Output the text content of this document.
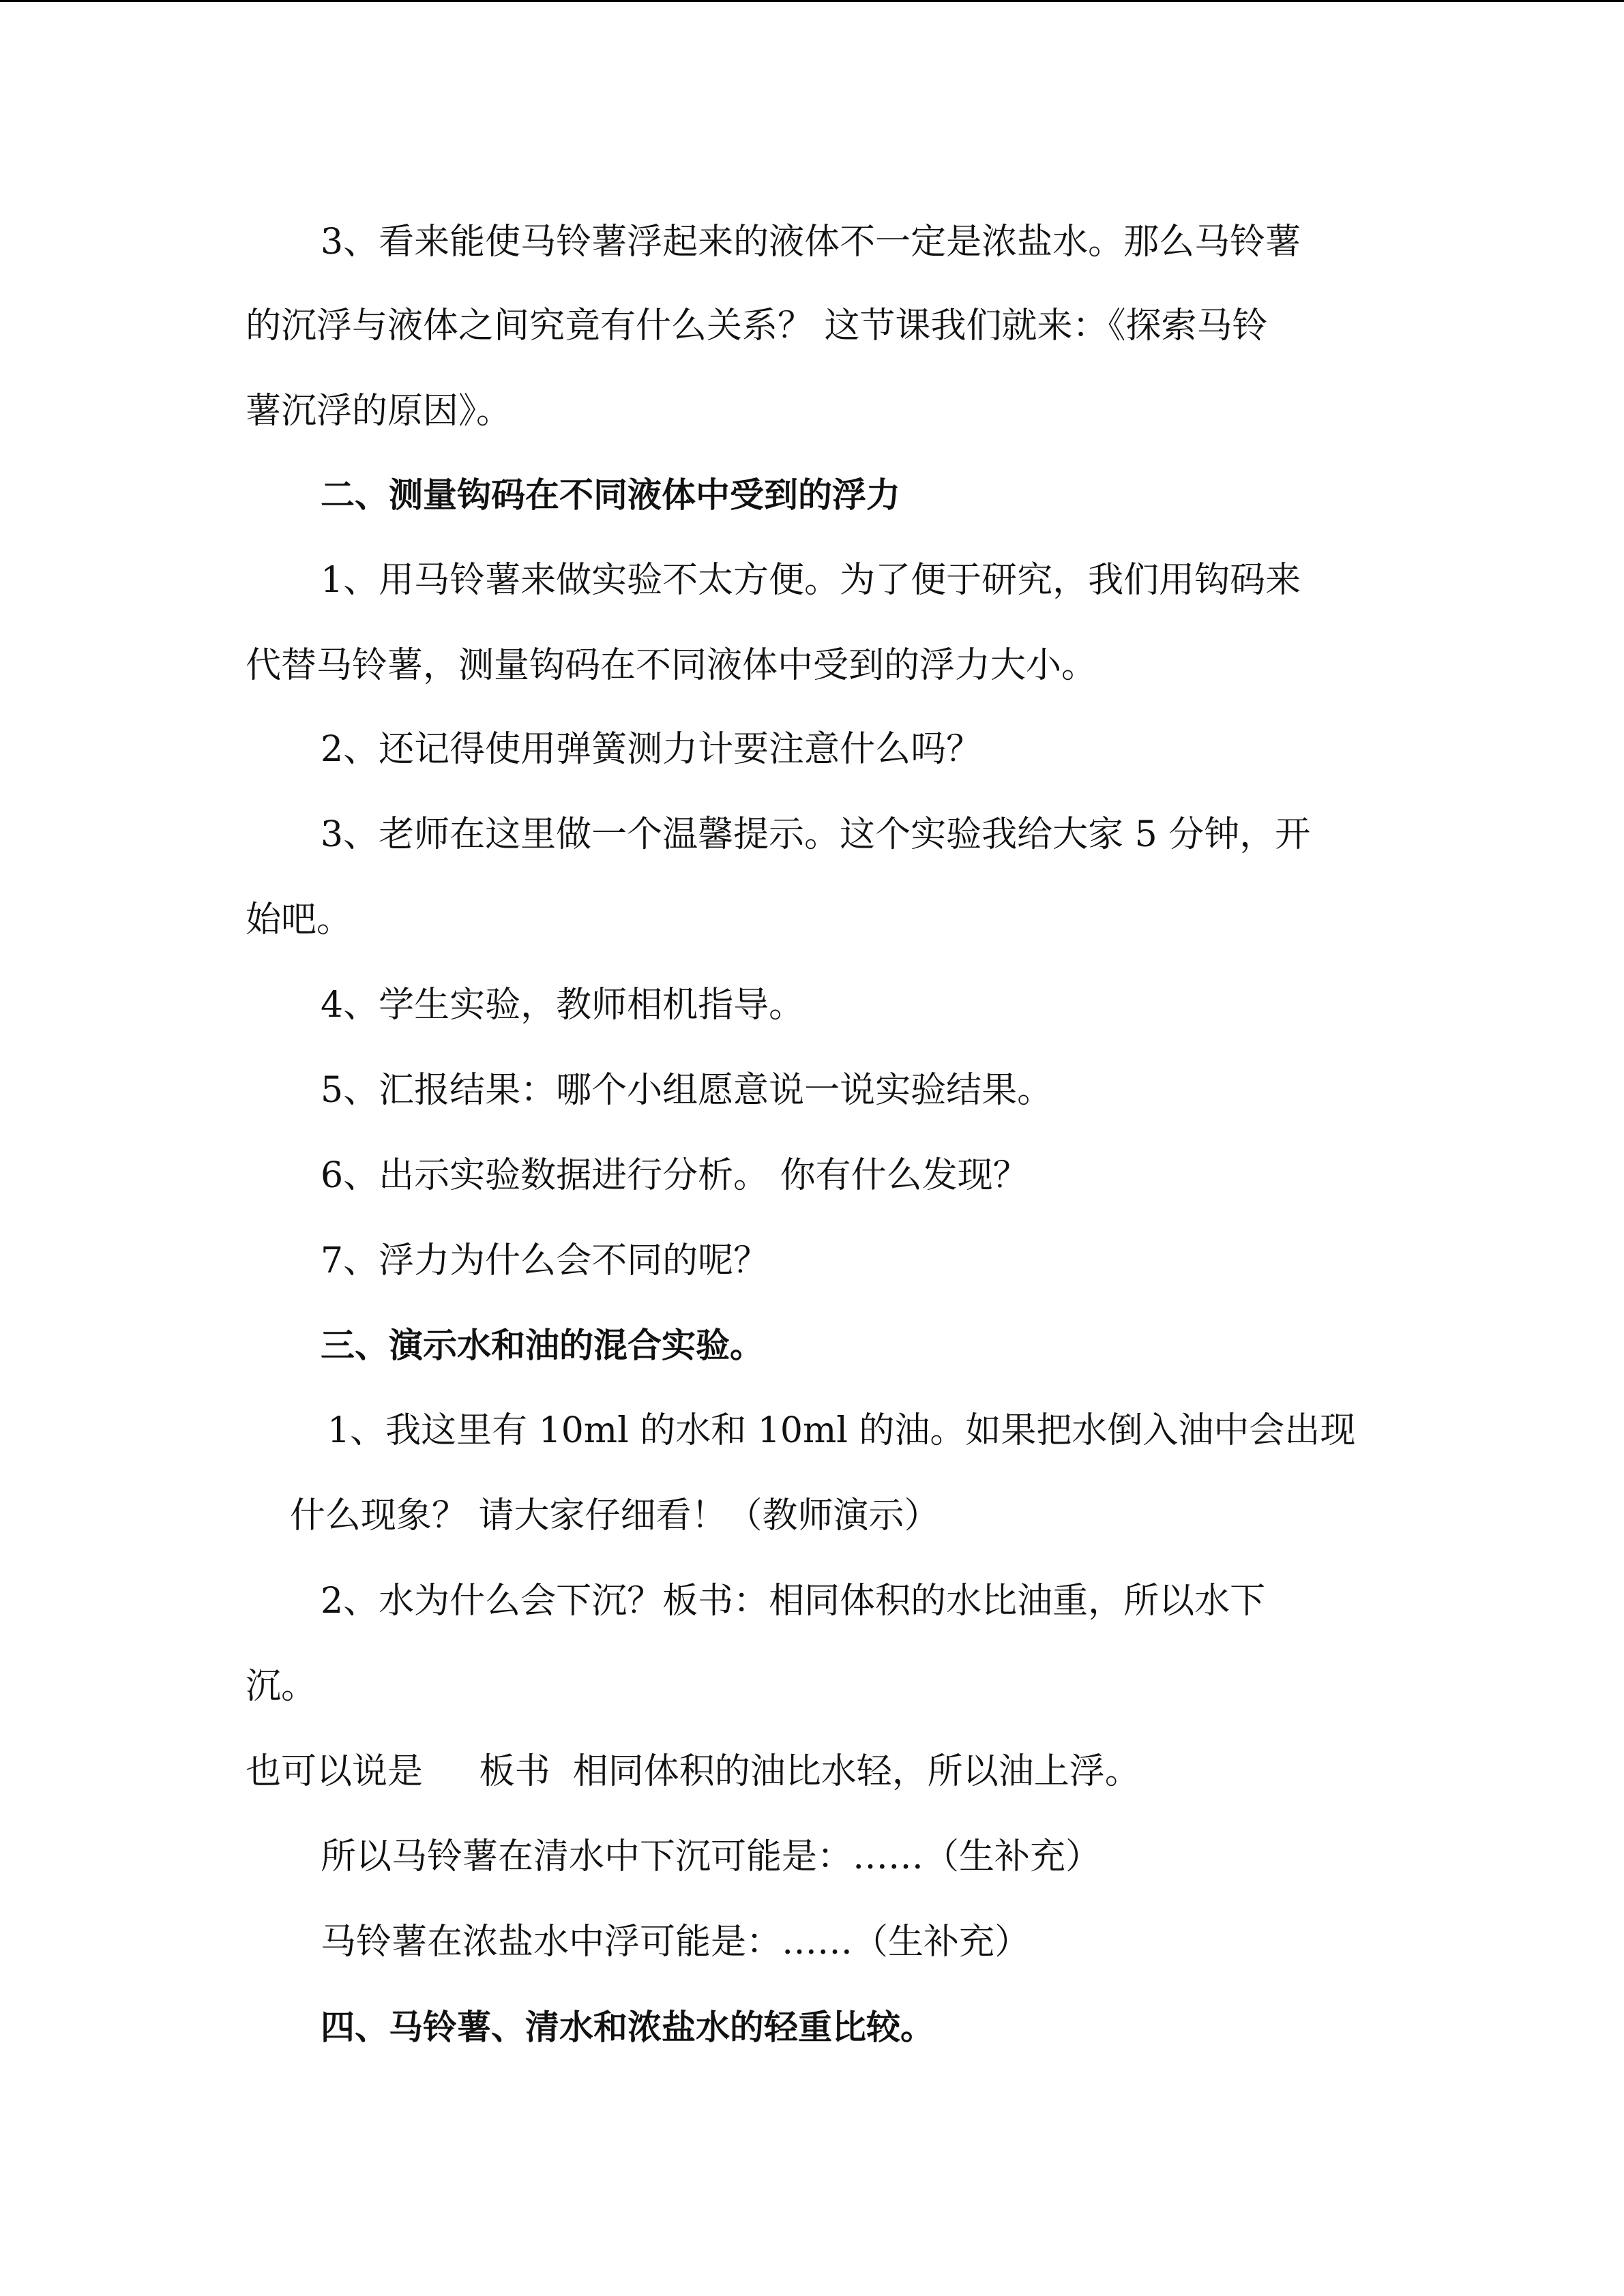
3、看来能使马铃薯浮起来的液体不一定是浓盐水。那么马铃薯
的沉浮与液体之间究竟有什么关系？ 这节课我们就来：《探索马铃
薯沉浮的原因》。
二、测量钩码在不同液体中受到的浮力
1、用马铃薯来做实验不太方便。为了便于研究，我们用钩码来
代替马铃薯，测量钩码在不同液体中受到的浮力大小。
2、还记得使用弹簧测力计要注意什么吗？
3、老师在这里做一个温馨提示。这个实验我给大家 5 分钟，开
始吧。
4、学生实验，教师相机指导。
5、汇报结果：哪个小组愿意说一说实验结果。
6、出示实验数据进行分析。 你有什么发现？
7、浮力为什么会不同的呢？
三、演示水和油的混合实验。
1、我这里有 10ml 的水和 10ml 的油。如果把水倒入油中会出现
什么现象？ 请大家仔细看！（教师演示）
2、水为什么会下沉？板书：相同体积的水比油重，所以水下
沉。
也可以说是     板书  相同体积的油比水轻，所以油上浮。
所以马铃薯在清水中下沉可能是：……（生补充）
马铃薯在浓盐水中浮可能是：……（生补充）
四、马铃薯、清水和浓盐水的轻重比较。
